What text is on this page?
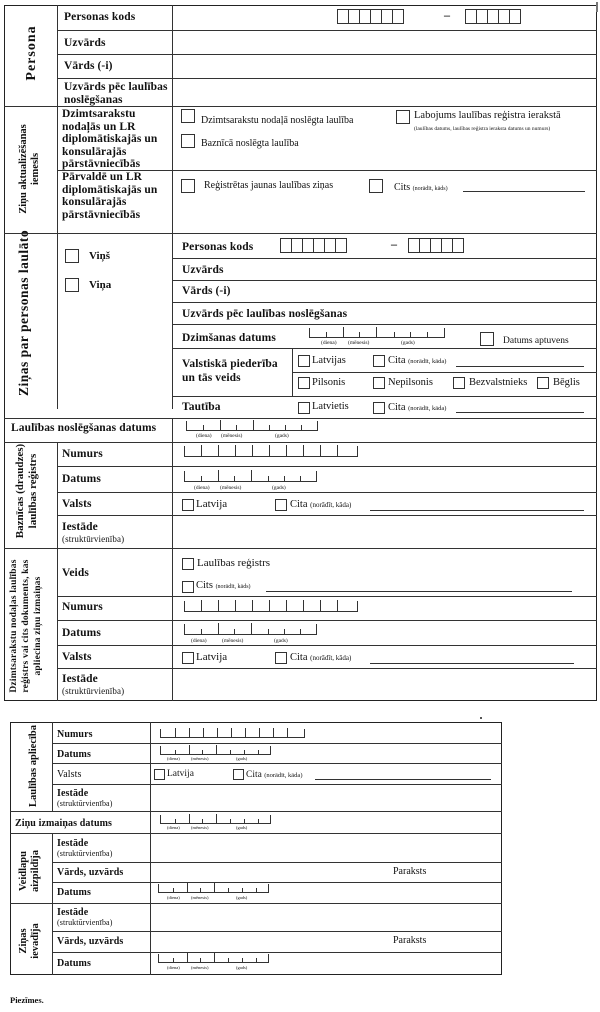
Persona
Personas kods	–
Uzvārds
Vārds (-i)
Uzvārds pēc laulības
noslēgšanas
Ziņu aktualizēšanas
iemesls
Dzimtsarakstu
nodaļās un LR
diplomātiskajās un
konsulārajās
pārstāvniecībās
Dzimtsarakstu nodaļā noslēgta laulība	Labojums laulības reģistra ierakstā
(laulības datums, laulības reģistra ieraksta datums un numurs)
Baznīcā noslēgta laulība
Pārvaldē un LR
diplomātiskajās un
konsulārajās
pārstāvniecībās
Reģistrētas jaunas laulības ziņas	Cits (norādīt, kāds)
Ziņas par personas laulāto	Viņš
Viņa
Personas kods	–
Uzvārds
Vārds (-i)
Uzvārds pēc laulības noslēgšanas
Dzimšanas datums	(diena) (mēnesis)	(gads)	Datums aptuvens
Valstiskā piederība
un tās veids
Latvijas	Cita (norādīt, kāda)
Pilsonis	Nepilsonis	Bezvalstnieks Bēglis
Tautība	Latvietis	Cita (norādīt, kāda)
Laulības noslēgšanas datums
(diena) (mēnesis)	(gads)
Baznīcas (draudzes)
laulības reģistrs Numurs
Datums
(diena) (mēnesis)	(gads)
Valsts	Latvija	Cita (norādīt, kāda)
Iestāde
(struktūrvienība)
Dzimtsarakstu nodaļas laulības reģistrs vai cits dokuments, kas apliecina ziņu izmaiņas
Veids
Laulības reģistrs
Cits (norādīt, kāds)
Numurs
Datums
(diena)	(mēnesis)	(gads)
Valsts	Latvija	Cita (norādīt, kāda)
Iestāde
(struktūrvienība)
Laulības apliecība	Numurs
Datums	(diena)	(mēnesis)	(gads)
Valsts	Latvija	Cita (norādīt, kāda)
Iestāde
(struktūrvienība)
Ziņu izmaiņas datums	(diena)	(mēnesis)	(gads)
Veidlapu
aizpildīja
Iestāde
(struktūrvienība)
Vārds, uzvārds	Paraksts
Datums	(diena)	(mēnesis)	(gads)
Ziņas
ievadīja
Iestāde
(struktūrvienība)
Vārds, uzvārds	Paraksts
Datums	(diena)	(mēnesis)	(gads)
Piezīmes.
